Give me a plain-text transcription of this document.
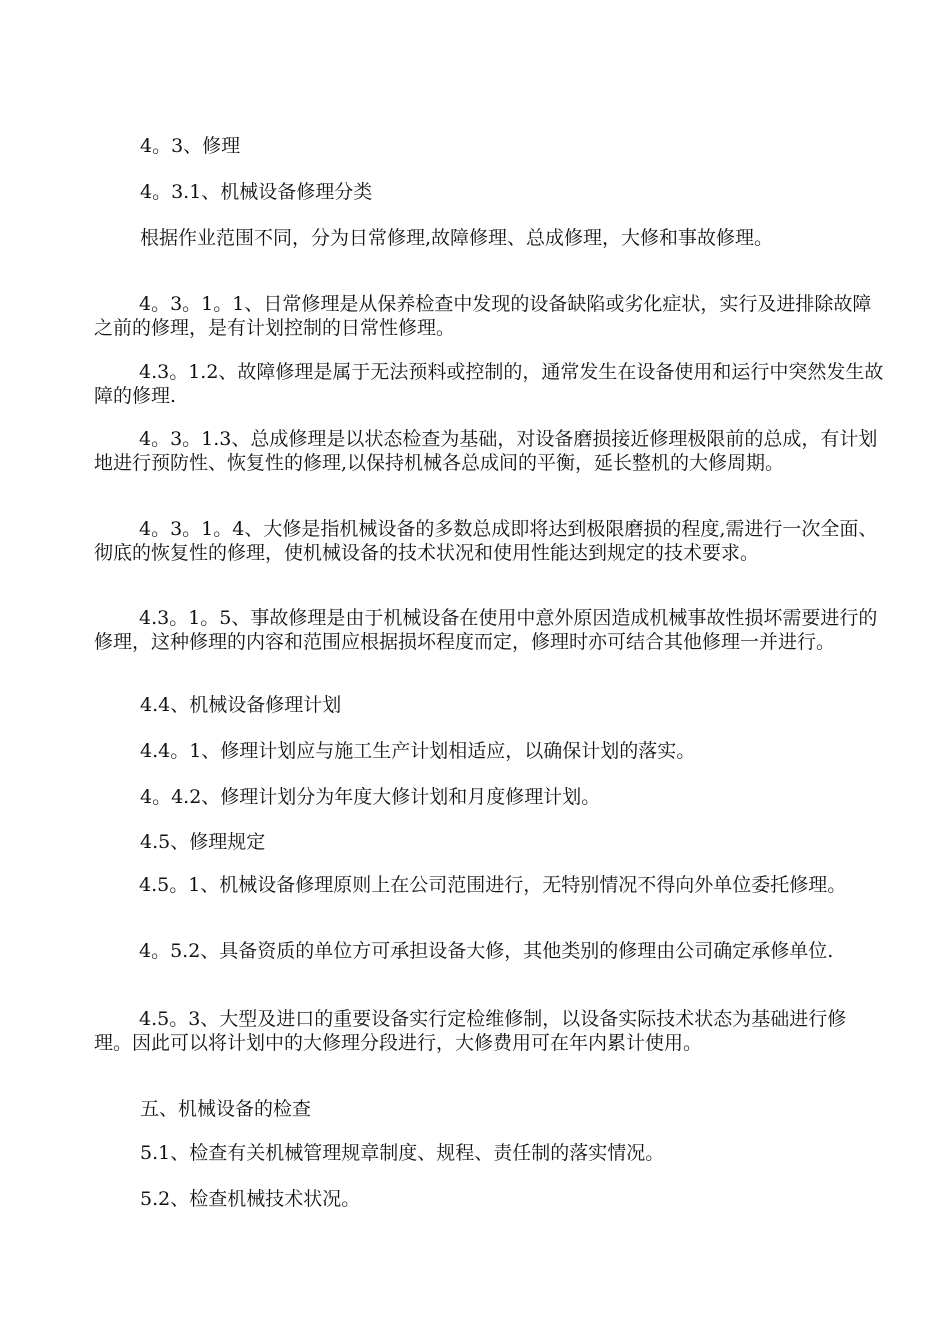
4。3、修理

4。3.1、机械设备修理分类

根据作业范围不同，分为日常修理,故障修理、总成修理，大修和事故修理。

4。3。1。1、日常修理是从保养检查中发现的设备缺陷或劣化症状，实行及进排除故障之前的修理，是有计划控制的日常性修理。

4.3。1.2、故障修理是属于无法预料或控制的，通常发生在设备使用和运行中突然发生故障的修理.

4。3。1.3、总成修理是以状态检查为基础，对设备磨损接近修理极限前的总成，有计划地进行预防性、恢复性的修理,以保持机械各总成间的平衡，延长整机的大修周期。

4。3。1。4、大修是指机械设备的多数总成即将达到极限磨损的程度,需进行一次全面、彻底的恢复性的修理，使机械设备的技术状况和使用性能达到规定的技术要求。

4.3。1。5、事故修理是由于机械设备在使用中意外原因造成机械事故性损坏需要进行的修理，这种修理的内容和范围应根据损坏程度而定，修理时亦可结合其他修理一并进行。

4.4、机械设备修理计划

4.4。1、修理计划应与施工生产计划相适应，以确保计划的落实。

4。4.2、修理计划分为年度大修计划和月度修理计划。

4.5、修理规定

4.5。1、机械设备修理原则上在公司范围进行，无特别情况不得向外单位委托修理。

4。5.2、具备资质的单位方可承担设备大修，其他类别的修理由公司确定承修单位.

4.5。3、大型及进口的重要设备实行定检维修制，以设备实际技术状态为基础进行修理。因此可以将计划中的大修理分段进行，大修费用可在年内累计使用。

五、机械设备的检查

5.1、检查有关机械管理规章制度、规程、责任制的落实情况。

5.2、检查机械技术状况。
